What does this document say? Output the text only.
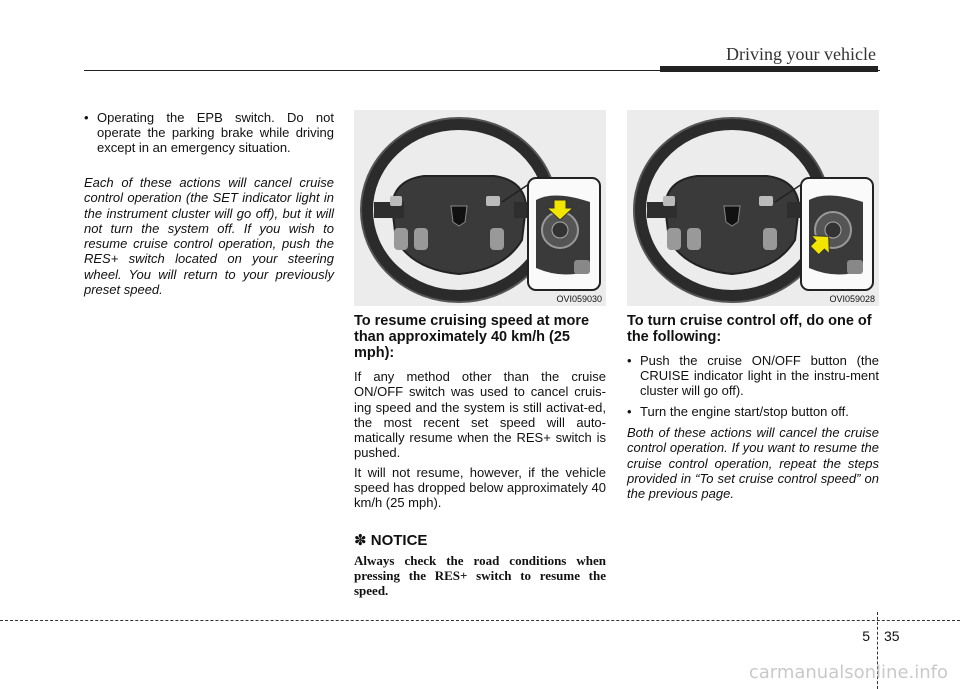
Driving your vehicle

• Operating the EPB switch. Do not operate the parking brake while driving except in an emergency situation.

Each of these actions will cancel cruise control operation (the SET indicator light in the instrument cluster will go off), but it will not turn the system off. If you wish to resume cruise control operation, push the RES+ switch located on your steering wheel. You will return to your previously preset speed.

OVI059030
To resume cruising speed at more than approximately 40 km/h (25 mph):

If any method other than the cruise ON/OFF switch was used to cancel cruis-ing speed and the system is still activat-ed, the most recent set speed will auto-matically resume when the RES+ switch is pushed.

It will not resume, however, if the vehicle speed has dropped below approximately 40 km/h (25 mph).

✽ NOTICE

Always check the road conditions when pressing the RES+ switch to resume the speed.

OVI059028
To turn cruise control off, do one of the following:

• Push the cruise ON/OFF button (the CRUISE indicator light in the instru-ment cluster will go off).

• Turn the engine start/stop button off.

Both of these actions will cancel the cruise control operation. If you want to resume the cruise control operation, repeat the steps provided in “To set cruise control speed” on the previous page.

5 35
carmanualsonline.info
